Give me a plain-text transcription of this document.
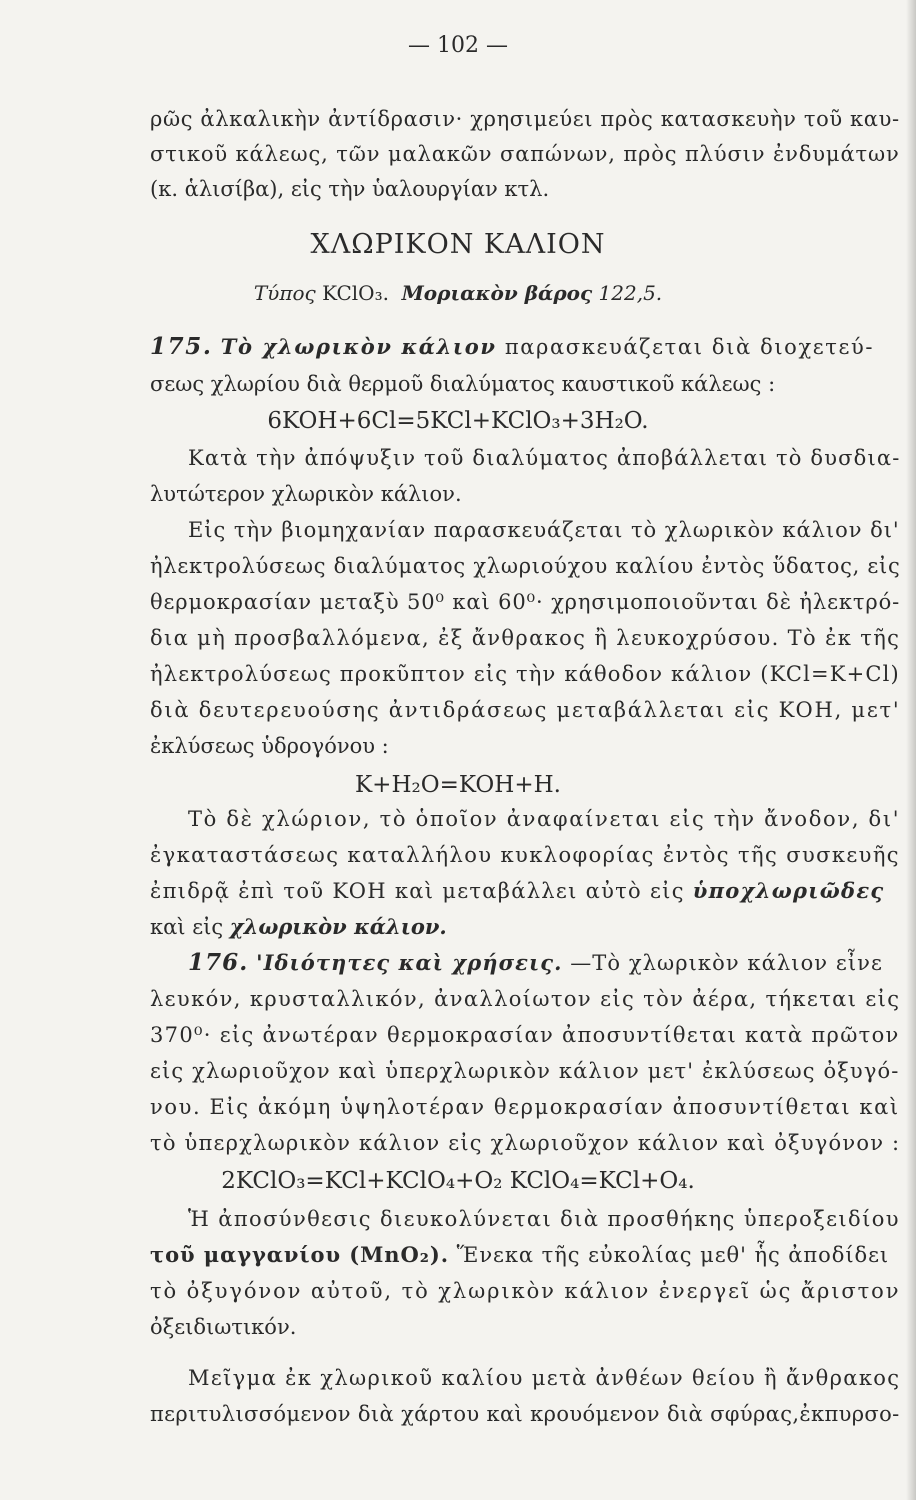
— 102 —
ρῶς ἀλκαλικὴν ἀντίδρασιν· χρησιμεύει πρὸς κατασκευὴν τοῦ καυ-
στικοῦ κάλεως, τῶν μαλακῶν σαπώνων, πρὸς πλύσιν ἐνδυμάτων
(κ. ἁλισίβα), εἰς τὴν ὑαλουργίαν κτλ.
ΧΛΩΡΙΚΟΝ ΚΑΛΙΟΝ
Τύπος KClO₃. Μοριακὸν βάρος 122,5.
175. Τὸ χλωρικὸν κάλιον παρασκευάζεται διὰ διοχετεύ-
σεως χλωρίου διὰ θερμοῦ διαλύματος καυστικοῦ κάλεως :
6KOH+6Cl=5KCl+KClO₃+3H₂O.
Κατὰ τὴν ἀπόψυξιν τοῦ διαλύματος ἀποβάλλεται τὸ δυσδια-
λυτώτερον χλωρικὸν κάλιον.
Εἰς τὴν βιομηχανίαν παρασκευάζεται τὸ χλωρικὸν κάλιον δι'
ἠλεκτρολύσεως διαλύματος χλωριούχου καλίου ἐντὸς ὕδατος, εἰς
θερμοκρασίαν μεταξὺ 50⁰ καὶ 60⁰· χρησιμοποιοῦνται δὲ ἠλεκτρό-
δια μὴ προσβαλλόμενα, ἐξ ἄνθρακος ἢ λευκοχρύσου. Τὸ ἐκ τῆς
ἠλεκτρολύσεως προκῦπτον εἰς τὴν κάθοδον κάλιον (KCl=K+Cl)
διὰ δευτερευούσης ἀντιδράσεως μεταβάλλεται εἰς KOH, μετ'
ἐκλύσεως ὑδρογόνου :
K+H₂O=KOH+H.
Τὸ δὲ χλώριον, τὸ ὁποῖον ἀναφαίνεται εἰς τὴν ἄνοδον, δι'
ἐγκαταστάσεως καταλλήλου κυκλοφορίας ἐντὸς τῆς συσκευῆς
ἐπιδρᾷ ἐπὶ τοῦ KOH καὶ μεταβάλλει αὐτὸ εἰς ὑποχλωριῶδες
καὶ εἰς χλωρικὸν κάλιον.
176. 'Ιδιότητες καὶ χρήσεις. —Τὸ χλωρικὸν κάλιον εἶνε
λευκόν, κρυσταλλικόν, ἀναλλοίωτον εἰς τὸν ἀέρα, τήκεται εἰς
370⁰· εἰς ἀνωτέραν θερμοκρασίαν ἀποσυντίθεται κατὰ πρῶτον
εἰς χλωριοῦχον καὶ ὑπερχλωρικὸν κάλιον μετ' ἐκλύσεως ὀξυγό-
νου. Εἰς ἀκόμη ὑψηλοτέραν θερμοκρασίαν ἀποσυντίθεται καὶ
τὸ ὑπερχλωρικὸν κάλιον εἰς χλωριοῦχον κάλιον καὶ ὀξυγόνον :
2KClO₃=KCl+KClO₄+O₂ KClO₄=KCl+O₄.
Ἡ ἀποσύνθεσις διευκολύνεται διὰ προσθήκης ὑπεροξειδίου
τοῦ μαγγανίου (MnO₂). Ἕνεκα τῆς εὐκολίας μεθ' ἧς ἀποδίδει
τὸ ὀξυγόνον αὐτοῦ, τὸ χλωρικὸν κάλιον ἐνεργεῖ ὡς ἄριστον
ὀξειδιωτικόν.
Μεῖγμα ἐκ χλωρικοῦ καλίου μετὰ ἀνθέων θείου ἢ ἄνθρακος
περιτυλισσόμενον διὰ χάρτου καὶ κρουόμενον διὰ σφύρας,ἐκπυρσο-
